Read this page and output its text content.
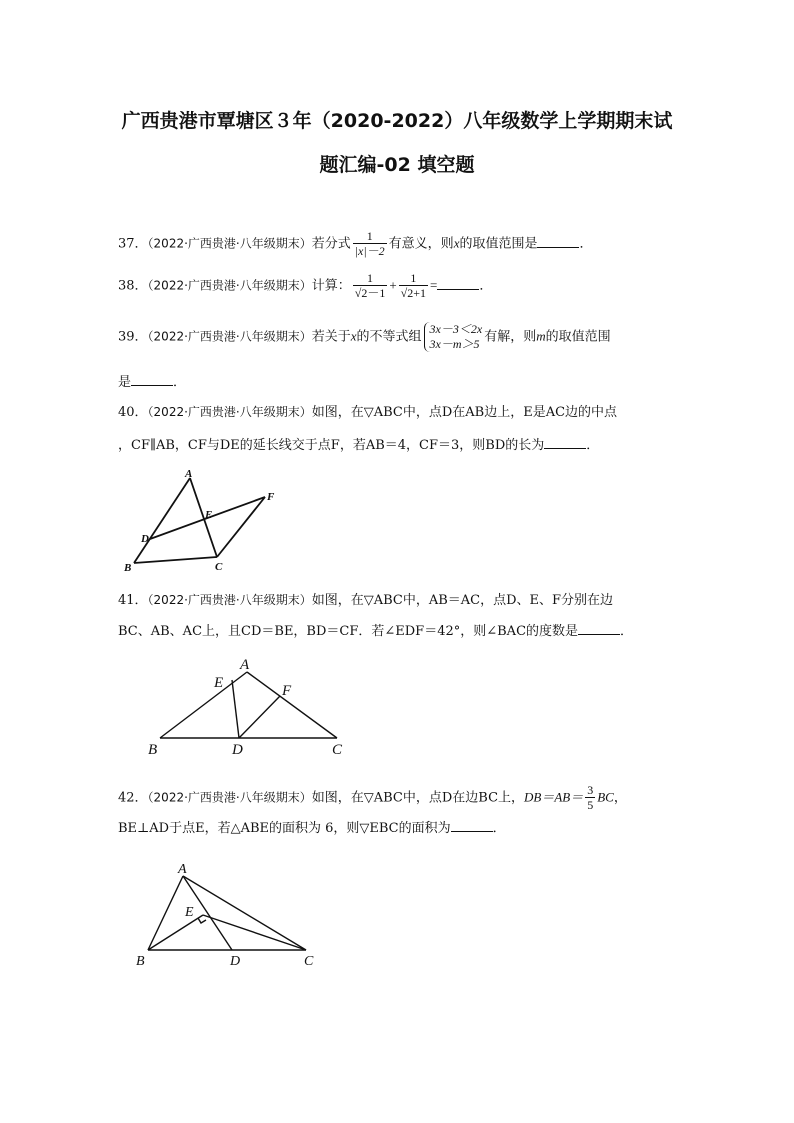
广西贵港市覃塘区３年（2020-2022）八年级数学上学期期末试
题汇编-02 填空题
37．（2022·广西贵港·八年级期末）若分式 $\frac{1}{|x|-2}$ 有意义，则x的取值范围是	．
38．（2022·广西贵港·八年级期末）计算： $\frac{1}{√2-1} + \frac{1}{√2+1}$ =	．
39．（2022·广西贵港·八年级期末）若关于x的不等式组
3x－3＜2x
3x－m＞5 有解，则m的取值范围
是	．
40．（2022·广西贵港·八年级期末）如图，在▽ABC中，点D在AB边上，E是AC边的中点
，CF∥AB，CF与DE的延长线交于点F，若AB＝4，CF＝3，则BD的长为	．
A
B	C
D
E
F
41．（2022·广西贵港·八年级期末）如图，在▽ABC中，AB＝AC，点D、E、F分别在边
BC、AB、AC上，且CD＝BE，BD＝CF．若∠EDF＝42°，则∠BAC的度数是	．
A
B	C
D
E	F
42．（2022·广西贵港·八年级期末）如图，在▽ABC中，点D在边BC上，$DB=AB= \frac{3}{5}$ BC，
BE⊥AD于点E，若△ABE的面积为 6，则▽EBC的面积为	．
A
B	C
D
E
